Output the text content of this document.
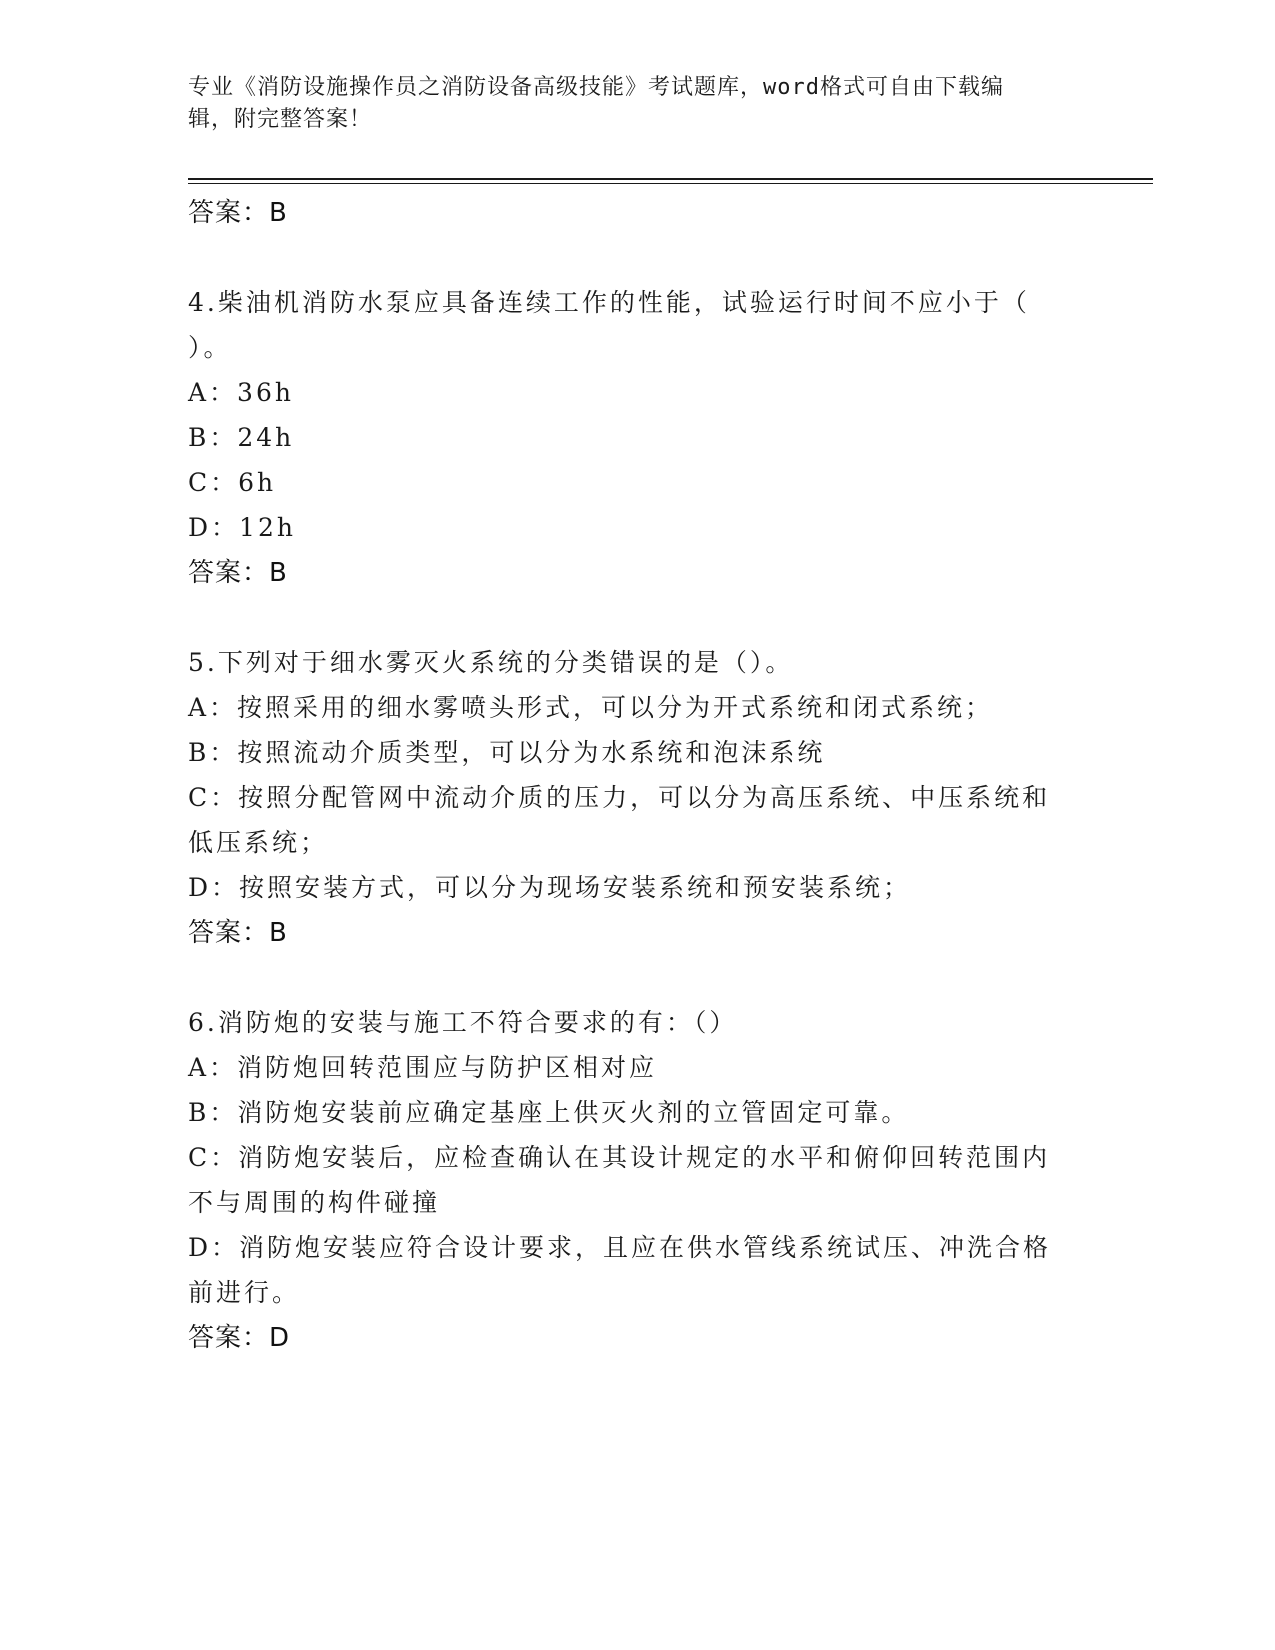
专业《消防设施操作员之消防设备高级技能》考试题库，word格式可自由下载编
辑，附完整答案！
答案：B
4.柴油机消防水泵应具备连续工作的性能，试验运行时间不应小于（
）。
A：36h
B：24h
C：6h
D：12h
答案：B
5.下列对于细水雾灭火系统的分类错误的是（）。
A：按照采用的细水雾喷头形式，可以分为开式系统和闭式系统；
B：按照流动介质类型，可以分为水系统和泡沫系统
C：按照分配管网中流动介质的压力，可以分为高压系统、中压系统和
低压系统；
D：按照安装方式，可以分为现场安装系统和预安装系统；
答案：B
6.消防炮的安装与施工不符合要求的有：（）
A：消防炮回转范围应与防护区相对应
B：消防炮安装前应确定基座上供灭火剂的立管固定可靠。
C：消防炮安装后，应检查确认在其设计规定的水平和俯仰回转范围内
不与周围的构件碰撞
D：消防炮安装应符合设计要求，且应在供水管线系统试压、冲洗合格
前进行。
答案：D
